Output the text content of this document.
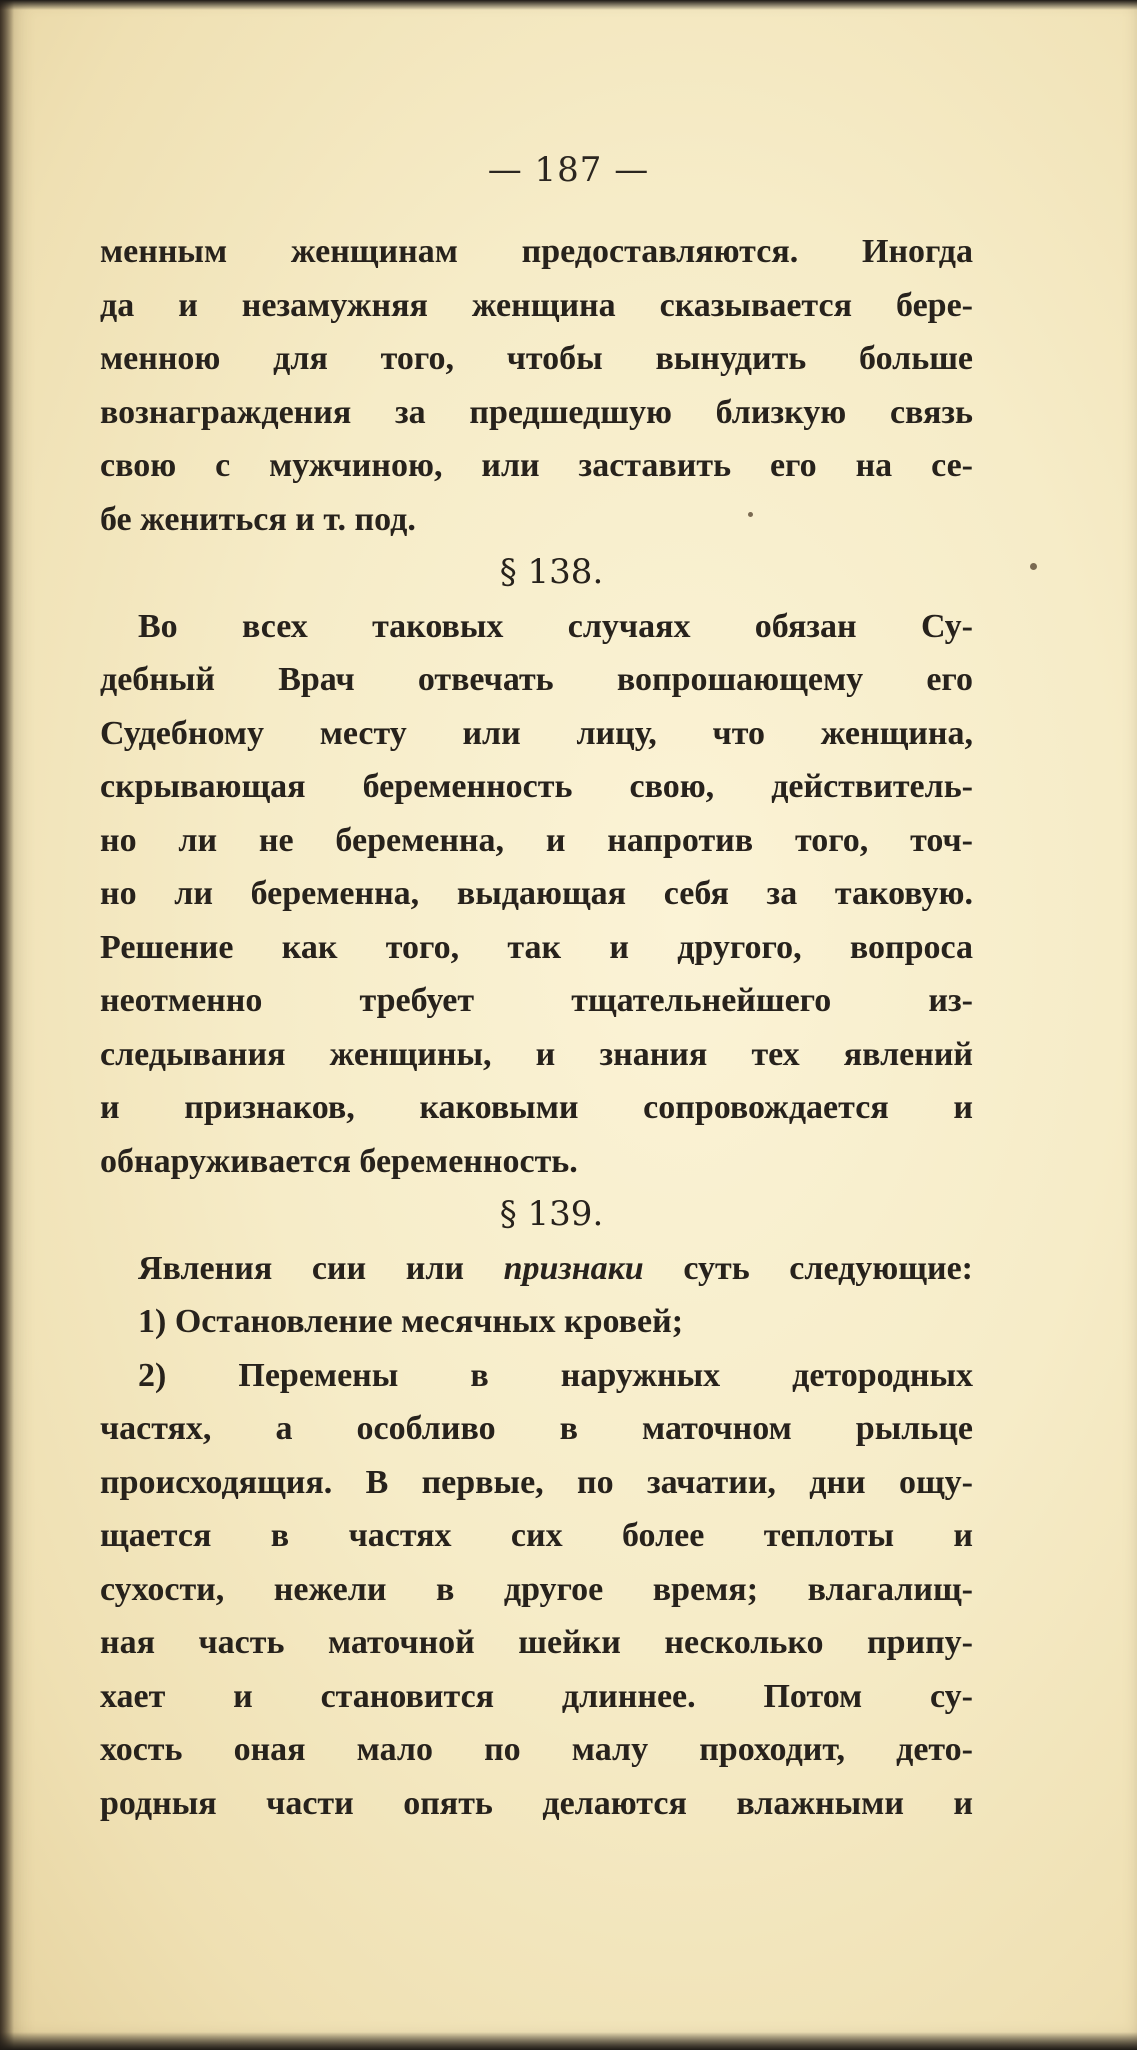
— 187 —
менным женщинам предоставляются. Иногда
да и незамужняя женщина сказывается бере-
менною для того, чтобы вынудить больше
вознаграждения за предшедшую близкую связь
свою с мужчиною, или заставить его на се-
бе жениться и т. под.
§ 138.
Во всех таковых случаях обязан Су-
дебный Врач отвечать вопрошающему его
Судебному месту или лицу, что женщина,
скрывающая беременность свою, действитель-
но ли не беременна, и напротив того, точ-
но ли беременна, выдающая себя за таковую.
Решение как того, так и другого, вопроса
неотменно требует тщательнейшего из-
следывания женщины, и знания тех явлений
и признаков, каковыми сопровождается и
обнаруживается беременность.
§ 139.
Явления сии или признаки суть следующие:
1) Остановление месячных кровей;
2) Перемены в наружных детородных
частях, а особливо в маточном рыльце
происходящия. В первые, по зачатии, дни ощу-
щается в частях сих более теплоты и
сухости, нежели в другое время; влагалищ-
ная часть маточной шейки несколько припу-
хает и становится длиннее. Потом су-
хость оная мало по малу проходит, дето-
родныя части опять делаются влажными и
